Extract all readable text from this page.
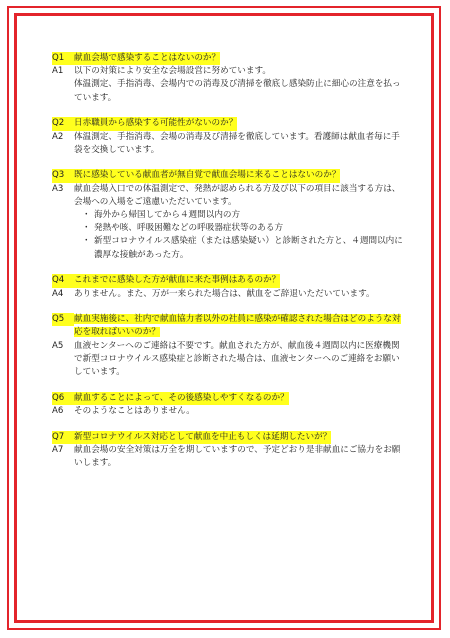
Q1 献血会場で感染することはないのか？
A1	以下の対策により安全な会場設営に努めています。
体温測定、手指消毒、会場内での消毒及び清掃を徹底し感染防止に細心の注意を払っています。
Q2 日赤職員から感染する可能性がないのか？
A2	体温測定、手指消毒、会場の消毒及び清掃を徹底しています。看護師は献血者毎に手袋を交換しています。
Q3 既に感染している献血者が無自覚で献血会場に来ることはないのか？
A3	献血会場入口での体温測定で、発熱が認められる方及び以下の項目に該当する方は、会場への入場をご遠慮いただいています。
・ 海外から帰国してから４週間以内の方
・ 発熱や咳、呼吸困難などの呼吸器症状等のある方
・ 新型コロナウイルス感染症（または感染疑い）と診断された方と、４週間以内に濃厚な接触があった方。
Q4 これまでに感染した方が献血に来た事例はあるのか？
A4	ありません。また、万が一来られた場合は、献血をご辞退いただいています。
Q5	献血実施後に、社内で献血協力者以外の社員に感染が確認された場合はどのような対応を取ればいいのか？
A5	血液センターへのご連絡は不要です。献血された方が、献血後４週間以内に医療機関で新型コロナウイルス感染症と診断された場合は、血液センターへのご連絡をお願いしています。
Q6 献血することによって、その後感染しやすくなるのか？
A6	そのようなことはありません。
Q7 新型コロナウイルス対応として献血を中止もしくは延期したいが？
A7	献血会場の安全対策は万全を期していますので、予定どおり是非献血にご協力をお願いします。
